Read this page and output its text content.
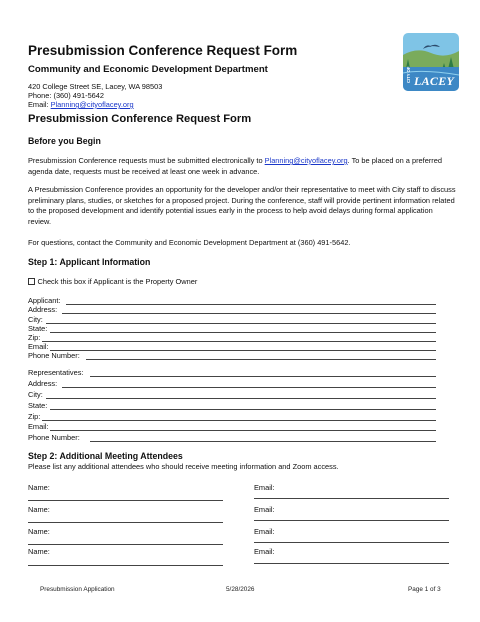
Presubmission Conference Request Form
Community and Economic Development Department
420 College Street SE, Lacey, WA 98503
Phone: (360) 491-5642
Email: Planning@cityoflacey.org
CITY OF LACEY
Presubmission Conference Request Form
Before you Begin
Presubmission Conference requests must be submitted electronically to Planning@cityoflacey.org. To be placed on a preferred agenda date, requests must be received at least one week in advance.
A Presubmission Conference provides an opportunity for the developer and/or their representative to meet with City staff to discuss preliminary plans, studies, or sketches for a proposed project. During the conference, staff will provide pertinent information related to the proposed development and identify potential issues early in the process to help avoid delays during formal application review.
For questions, contact the Community and Economic Development Department at (360) 491-5642.
Step 1: Applicant Information
Check this box if Applicant is the Property Owner
Applicant:
Address:
City:
State:
Zip:
Email:
Phone Number:
Representatives:
Address:
City:
State:
Zip:
Email:
Phone Number:
Step 2: Additional Meeting Attendees
Please list any additional attendees who should receive meeting information and Zoom access.
Name:	Email:
Name:	Email:
Name:	Email:
Name:	Email:
Presubmission Application	5/28/2026	Page 1 of 3
